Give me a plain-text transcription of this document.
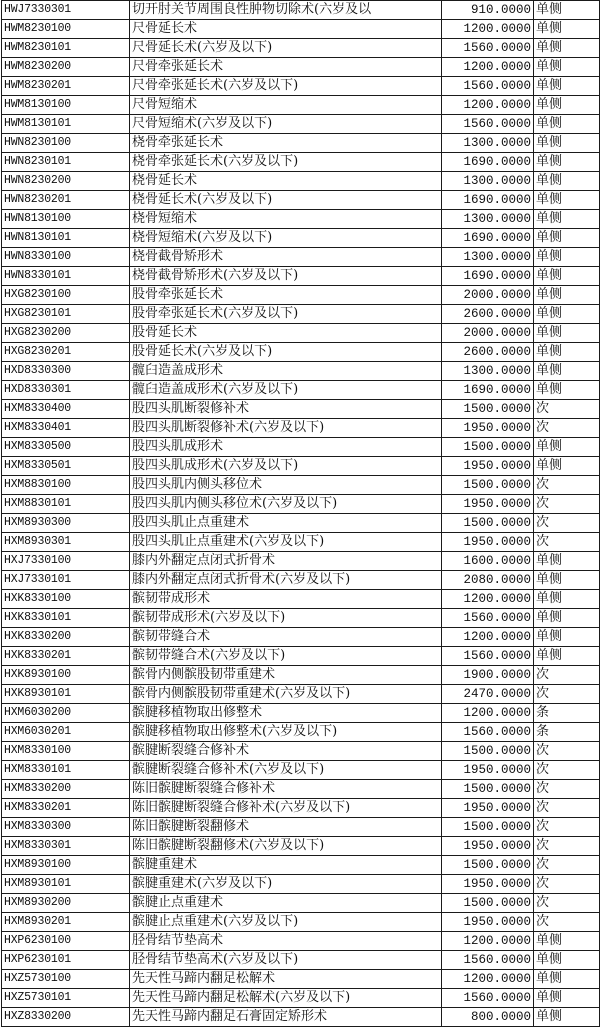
HWJ7330301	切开肘关节周围良性肿物切除术(六岁及以	910.0000	单侧
HWM8230100	尺骨延长术	1200.0000	单侧
HWM8230101	尺骨延长术(六岁及以下)	1560.0000	单侧
HWM8230200	尺骨牵张延长术	1200.0000	单侧
HWM8230201	尺骨牵张延长术(六岁及以下)	1560.0000	单侧
HWM8130100	尺骨短缩术	1200.0000	单侧
HWM8130101	尺骨短缩术(六岁及以下)	1560.0000	单侧
HWN8230100	桡骨牵张延长术	1300.0000	单侧
HWN8230101	桡骨牵张延长术(六岁及以下)	1690.0000	单侧
HWN8230200	桡骨延长术	1300.0000	单侧
HWN8230201	桡骨延长术(六岁及以下)	1690.0000	单侧
HWN8130100	桡骨短缩术	1300.0000	单侧
HWN8130101	桡骨短缩术(六岁及以下)	1690.0000	单侧
HWN8330100	桡骨截骨矫形术	1300.0000	单侧
HWN8330101	桡骨截骨矫形术(六岁及以下)	1690.0000	单侧
HXG8230100	股骨牵张延长术	2000.0000	单侧
HXG8230101	股骨牵张延长术(六岁及以下)	2600.0000	单侧
HXG8230200	股骨延长术	2000.0000	单侧
HXG8230201	股骨延长术(六岁及以下)	2600.0000	单侧
HXD8330300	髋臼造盖成形术	1300.0000	单侧
HXD8330301	髋臼造盖成形术(六岁及以下)	1690.0000	单侧
HXM8330400	股四头肌断裂修补术	1500.0000	次
HXM8330401	股四头肌断裂修补术(六岁及以下)	1950.0000	次
HXM8330500	股四头肌成形术	1500.0000	单侧
HXM8330501	股四头肌成形术(六岁及以下)	1950.0000	单侧
HXM8830100	股四头肌内侧头移位术	1500.0000	次
HXM8830101	股四头肌内侧头移位术(六岁及以下)	1950.0000	次
HXM8930300	股四头肌止点重建术	1500.0000	次
HXM8930301	股四头肌止点重建术(六岁及以下)	1950.0000	次
HXJ7330100	膝内外翻定点闭式折骨术	1600.0000	单侧
HXJ7330101	膝内外翻定点闭式折骨术(六岁及以下)	2080.0000	单侧
HXK8330100	髌韧带成形术	1200.0000	单侧
HXK8330101	髌韧带成形术(六岁及以下)	1560.0000	单侧
HXK8330200	髌韧带缝合术	1200.0000	单侧
HXK8330201	髌韧带缝合术(六岁及以下)	1560.0000	单侧
HXK8930100	髌骨内侧髌股韧带重建术	1900.0000	次
HXK8930101	髌骨内侧髌股韧带重建术(六岁及以下)	2470.0000	次
HXM6030200	髌腱移植物取出修整术	1200.0000	条
HXM6030201	髌腱移植物取出修整术(六岁及以下)	1560.0000	条
HXM8330100	髌腱断裂缝合修补术	1500.0000	次
HXM8330101	髌腱断裂缝合修补术(六岁及以下)	1950.0000	次
HXM8330200	陈旧髌腱断裂缝合修补术	1500.0000	次
HXM8330201	陈旧髌腱断裂缝合修补术(六岁及以下)	1950.0000	次
HXM8330300	陈旧髌腱断裂翻修术	1500.0000	次
HXM8330301	陈旧髌腱断裂翻修术(六岁及以下)	1950.0000	次
HXM8930100	髌腱重建术	1500.0000	次
HXM8930101	髌腱重建术(六岁及以下)	1950.0000	次
HXM8930200	髌腱止点重建术	1500.0000	次
HXM8930201	髌腱止点重建术(六岁及以下)	1950.0000	次
HXP6230100	胫骨结节垫高术	1200.0000	单侧
HXP6230101	胫骨结节垫高术(六岁及以下)	1560.0000	单侧
HXZ5730100	先天性马蹄内翻足松解术	1200.0000	单侧
HXZ5730101	先天性马蹄内翻足松解术(六岁及以下)	1560.0000	单侧
HXZ8330200	先天性马蹄内翻足石膏固定矫形术	800.0000	单侧
